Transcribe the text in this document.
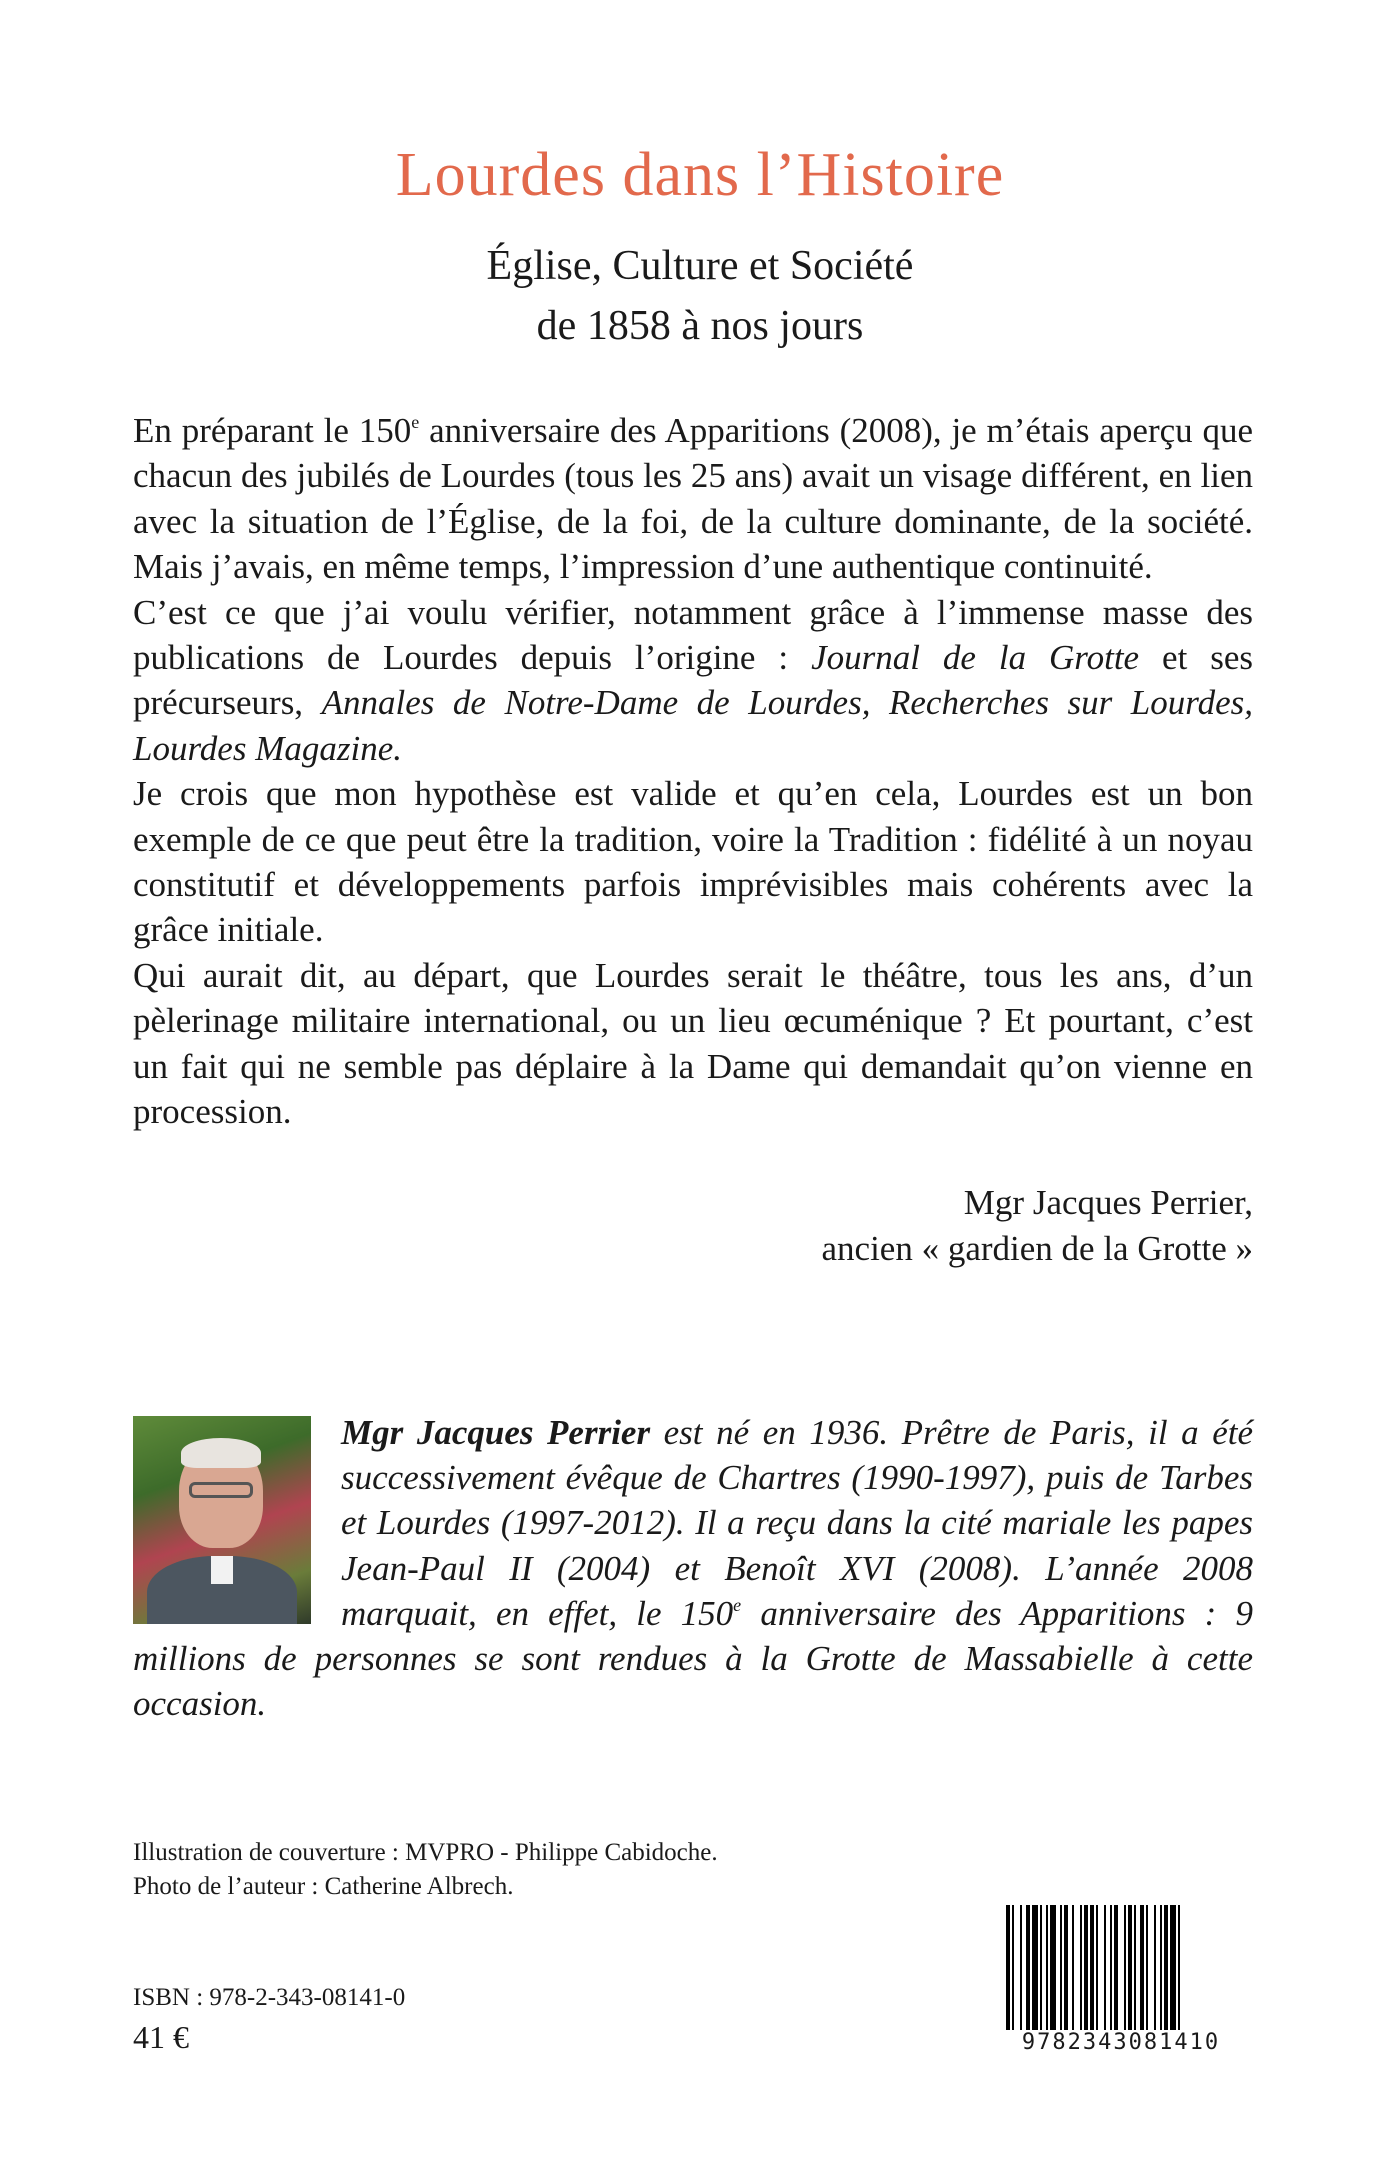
Lourdes dans l’Histoire
Église, Culture et Société
de 1858 à nos jours

En préparant le 150e anniversaire des Apparitions (2008), je m’étais aperçu que chacun des jubilés de Lourdes (tous les 25 ans) avait un visage différent, en lien avec la situation de l’Église, de la foi, de la culture dominante, de la société. Mais j’avais, en même temps, l’impression d’une authentique continuité.

C’est ce que j’ai voulu vérifier, notamment grâce à l’immense masse des publications de Lourdes depuis l’origine : Journal de la Grotte et ses précurseurs, Annales de Notre-Dame de Lourdes, Recherches sur Lourdes, Lourdes Magazine.

Je crois que mon hypothèse est valide et qu’en cela, Lourdes est un bon exemple de ce que peut être la tradition, voire la Tradition : fidélité à un noyau constitutif et développements parfois imprévisibles mais cohérents avec la grâce initiale.

Qui aurait dit, au départ, que Lourdes serait le théâtre, tous les ans, d’un pèlerinage militaire international, ou un lieu œcuménique ? Et pourtant, c’est un fait qui ne semble pas déplaire à la Dame qui demandait qu’on vienne en procession.

Mgr Jacques Perrier,
ancien « gardien de la Grotte »
Mgr Jacques Perrier est né en 1936. Prêtre de Paris, il a été successivement évêque de Chartres (1990-1997), puis de Tarbes et Lourdes (1997-2012). Il a reçu dans la cité mariale les papes Jean-Paul II (2004) et Benoît XVI (2008). L’année 2008 marquait, en effet, le 150e anniversaire des Apparitions : 9 millions de personnes se sont rendues à la Grotte de Massabielle à cette occasion.
Illustration de couverture : MVPRO - Philippe Cabidoche.
Photo de l’auteur : Catherine Albrech.
ISBN : 978-2-343-08141-0
41 €	9782343081410
